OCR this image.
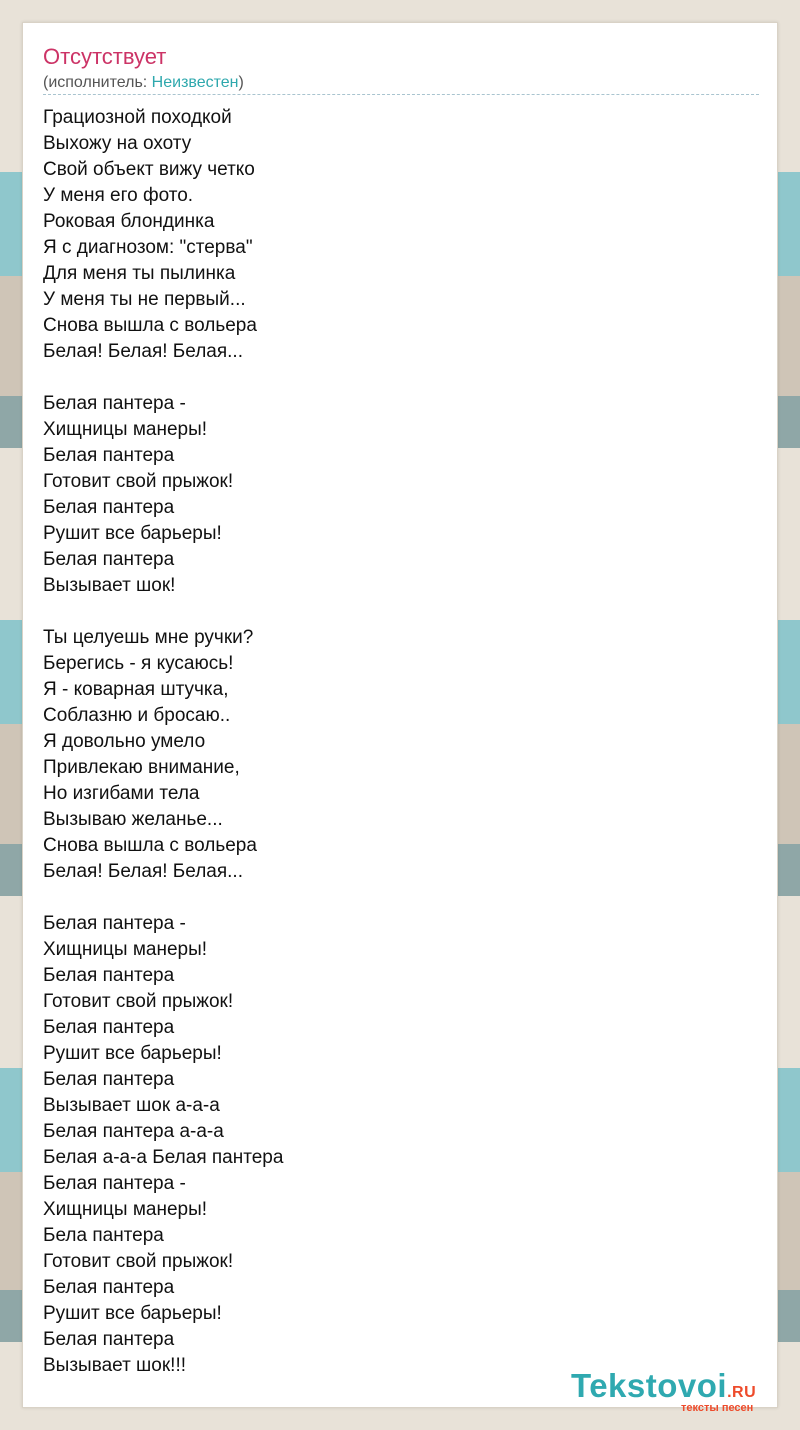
Отсутствует
(исполнитель: Неизвестен)
Грациозной походкой
Выхожу на охоту
Свой объект вижу четко
У меня его фото.
Роковая блондинка
Я с диагнозом: "стерва"
Для меня ты пылинка
У меня ты не первый...
Снова вышла с вольера
Белая! Белая! Белая...
Белая пантера -
Хищницы манеры!
Белая пантера
Готовит свой прыжок!
Белая пантера
Рушит все барьеры!
Белая пантера
Вызывает шок!
Ты целуешь мне ручки?
Берегись - я кусаюсь!
Я - коварная штучка,
Соблазню и бросаю..
Я довольно умело
Привлекаю внимание,
Но изгибами тела
Вызываю желанье...
Снова вышла с вольера
Белая! Белая! Белая...
Белая пантера -
Хищницы манеры!
Белая пантера
Готовит свой прыжок!
Белая пантера
Рушит все барьеры!
Белая пантера
Вызывает шок а-а-а
Белая пантера а-а-а
Белая а-а-а Белая пантера
Белая пантера -
Хищницы манеры!
Бела пантера
Готовит свой прыжок!
Белая пантера
Рушит все барьеры!
Белая пантера
Вызывает шок!!!
Tekstovoi.RU
тексты песен
